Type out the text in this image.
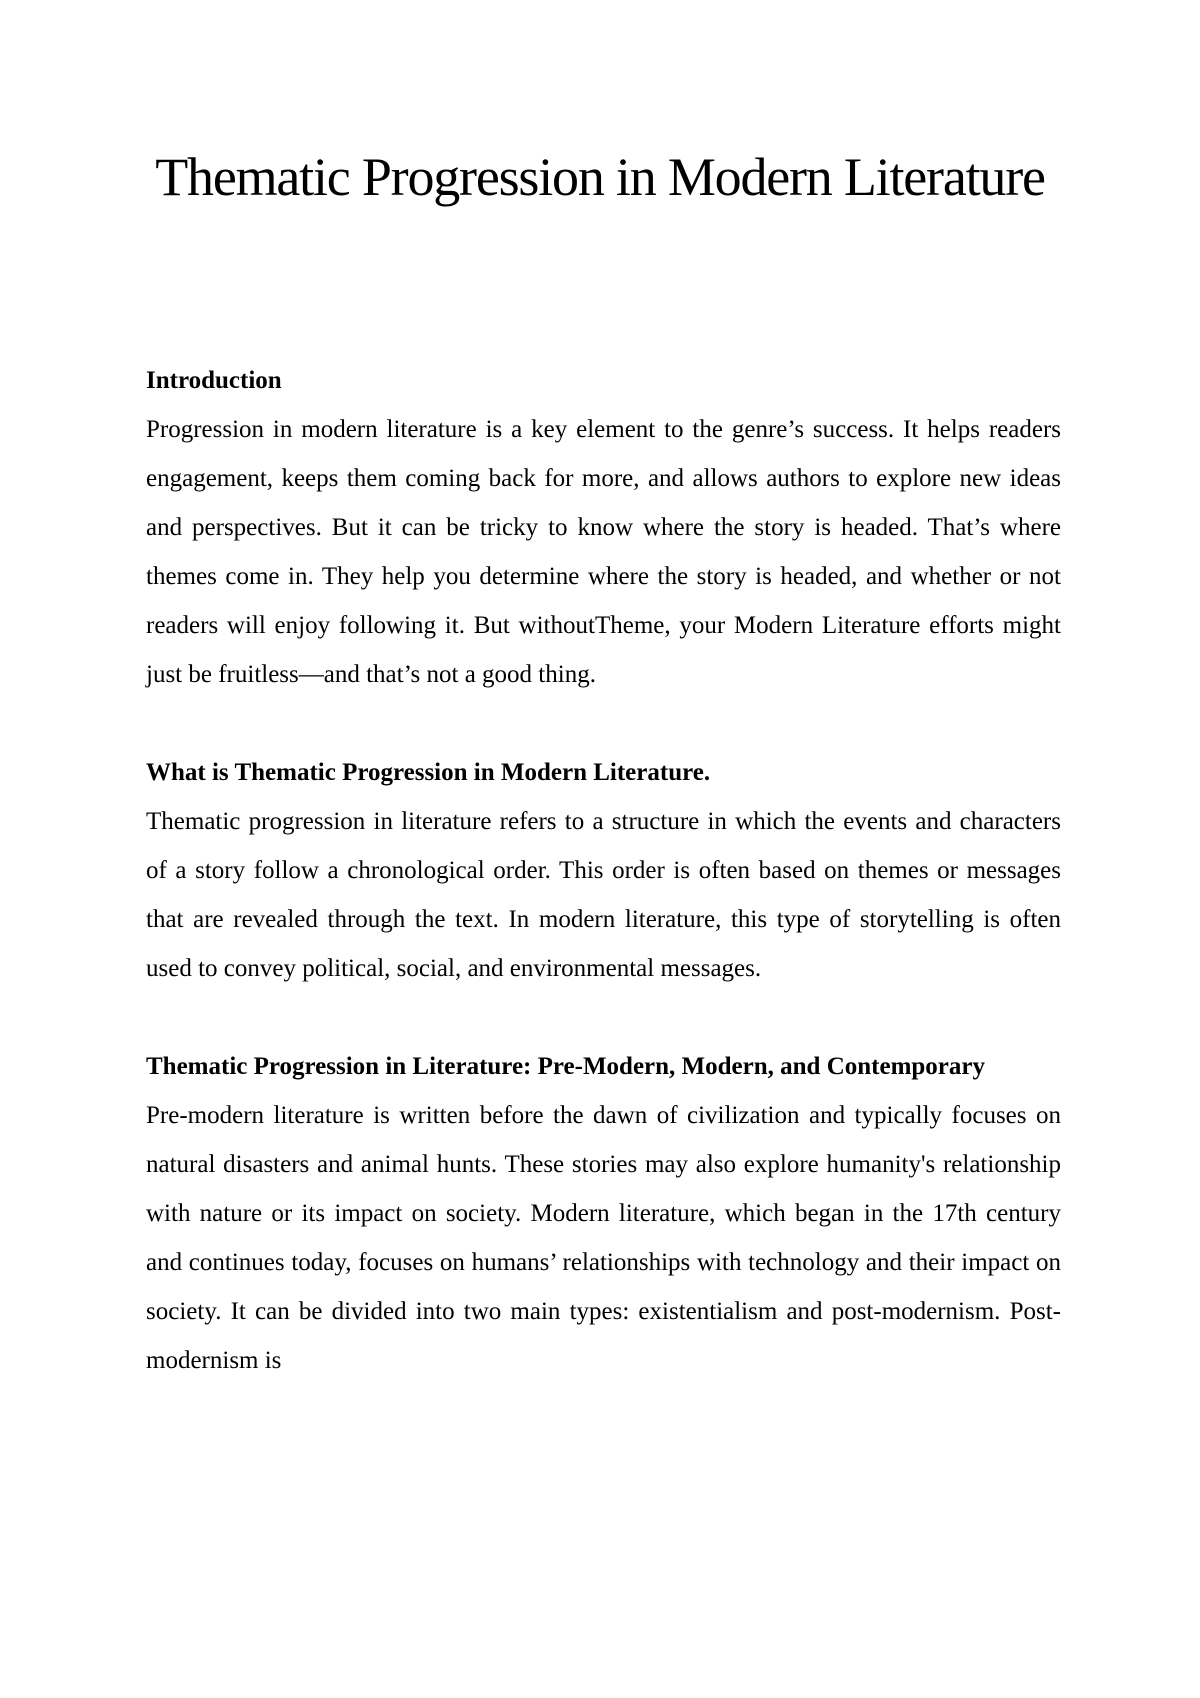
Thematic Progression in Modern Literature

Introduction

Progression in modern literature is a key element to the genre’s success. It helps readers engagement, keeps them coming back for more, and allows authors to explore new ideas and perspectives. But it can be tricky to know where the story is headed. That’s where themes come in. They help you determine where the story is headed, and whether or not readers will enjoy following it. But withoutTheme, your Modern Literature efforts might just be fruitless—and that’s not a good thing.

What is Thematic Progression in Modern Literature.

Thematic progression in literature refers to a structure in which the events and characters of a story follow a chronological order. This order is often based on themes or messages that are revealed through the text. In modern literature, this type of storytelling is often used to convey political, social, and environmental messages.

Thematic Progression in Literature: Pre-Modern, Modern, and Contemporary

Pre-modern literature is written before the dawn of civilization and typically focuses on natural disasters and animal hunts. These stories may also explore humanity's relationship with nature or its impact on society. Modern literature, which began in the 17th century and continues today, focuses on humans’ relationships with technology and their impact on society. It can be divided into two main types: existentialism and post-modernism. Post-modernism is
